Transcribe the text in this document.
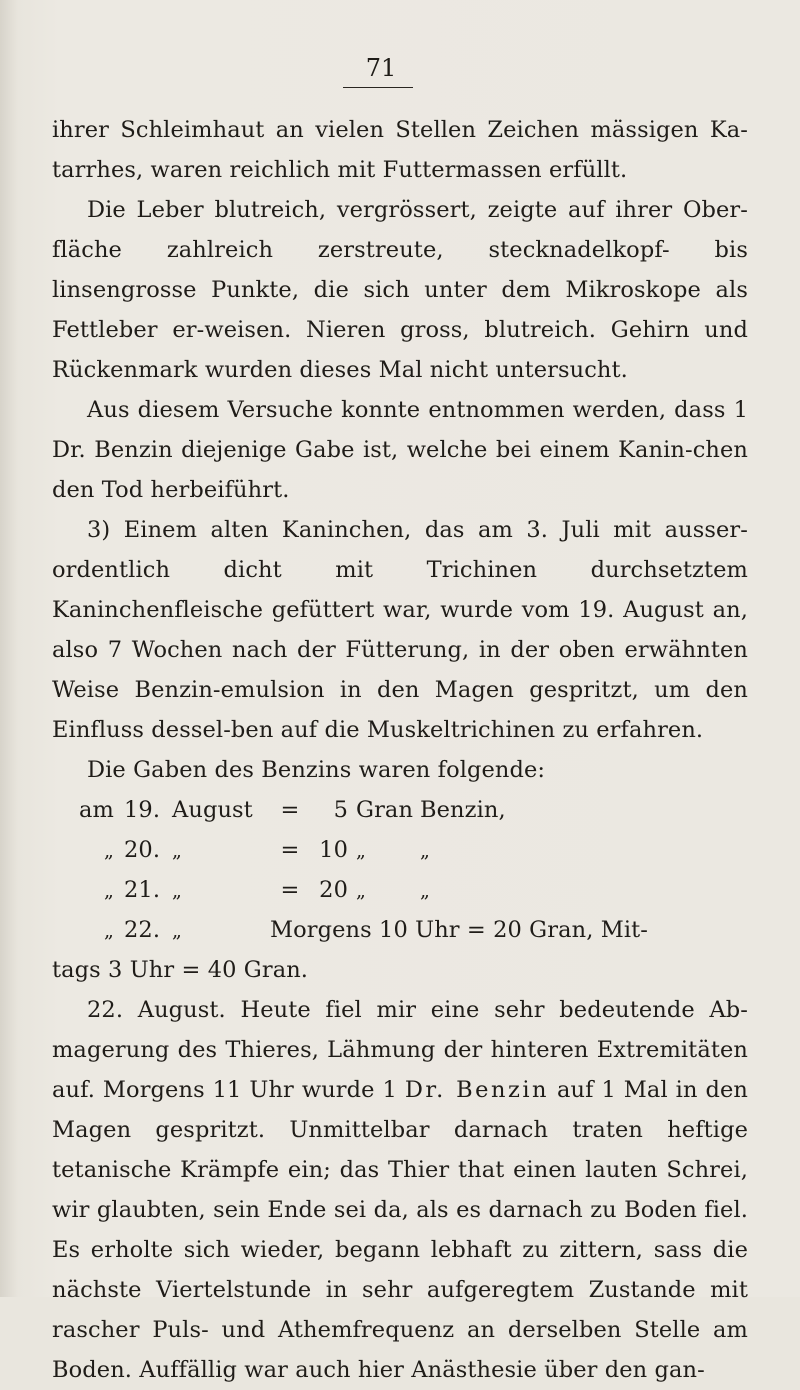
71

ihrer Schleimhaut an vielen Stellen Zeichen mässigen Ka-tarrhes, waren reichlich mit Futtermassen erfüllt.

Die Leber blutreich, vergrössert, zeigte auf ihrer Ober-fläche zahlreich zerstreute, stecknadelkopf- bis linsengrosse Punkte, die sich unter dem Mikroskope als Fettleber er-weisen. Nieren gross, blutreich. Gehirn und Rückenmark wurden dieses Mal nicht untersucht.

Aus diesem Versuche konnte entnommen werden, dass 1 Dr. Benzin diejenige Gabe ist, welche bei einem Kanin-chen den Tod herbeiführt.

3) Einem alten Kaninchen, das am 3. Juli mit ausser-ordentlich dicht mit Trichinen durchsetztem Kaninchenfleische gefüttert war, wurde vom 19. August an, also 7 Wochen nach der Fütterung, in der oben erwähnten Weise Benzin-emulsion in den Magen gespritzt, um den Einfluss dessel-ben auf die Muskeltrichinen zu erfahren.

Die Gaben des Benzins waren folgende:

am 19. August	=	5 Gran Benzin,
„ 20. „	= 10 „	„
„ 21. „	= 20 „	„
„ 22. „	Morgens 10 Uhr = 20 Gran, Mit-

tags 3 Uhr = 40 Gran.

22. August. Heute fiel mir eine sehr bedeutende Ab-magerung des Thieres, Lähmung der hinteren Extremitäten auf. Morgens 11 Uhr wurde 1 Dr. Benzin auf 1 Mal in den Magen gespritzt. Unmittelbar darnach traten heftige tetanische Krämpfe ein; das Thier that einen lauten Schrei, wir glaubten, sein Ende sei da, als es darnach zu Boden fiel. Es erholte sich wieder, begann lebhaft zu zittern, sass die nächste Viertelstunde in sehr aufgeregtem Zustande mit rascher Puls- und Athemfrequenz an derselben Stelle am Boden. Auffällig war auch hier Anästhesie über den gan-
